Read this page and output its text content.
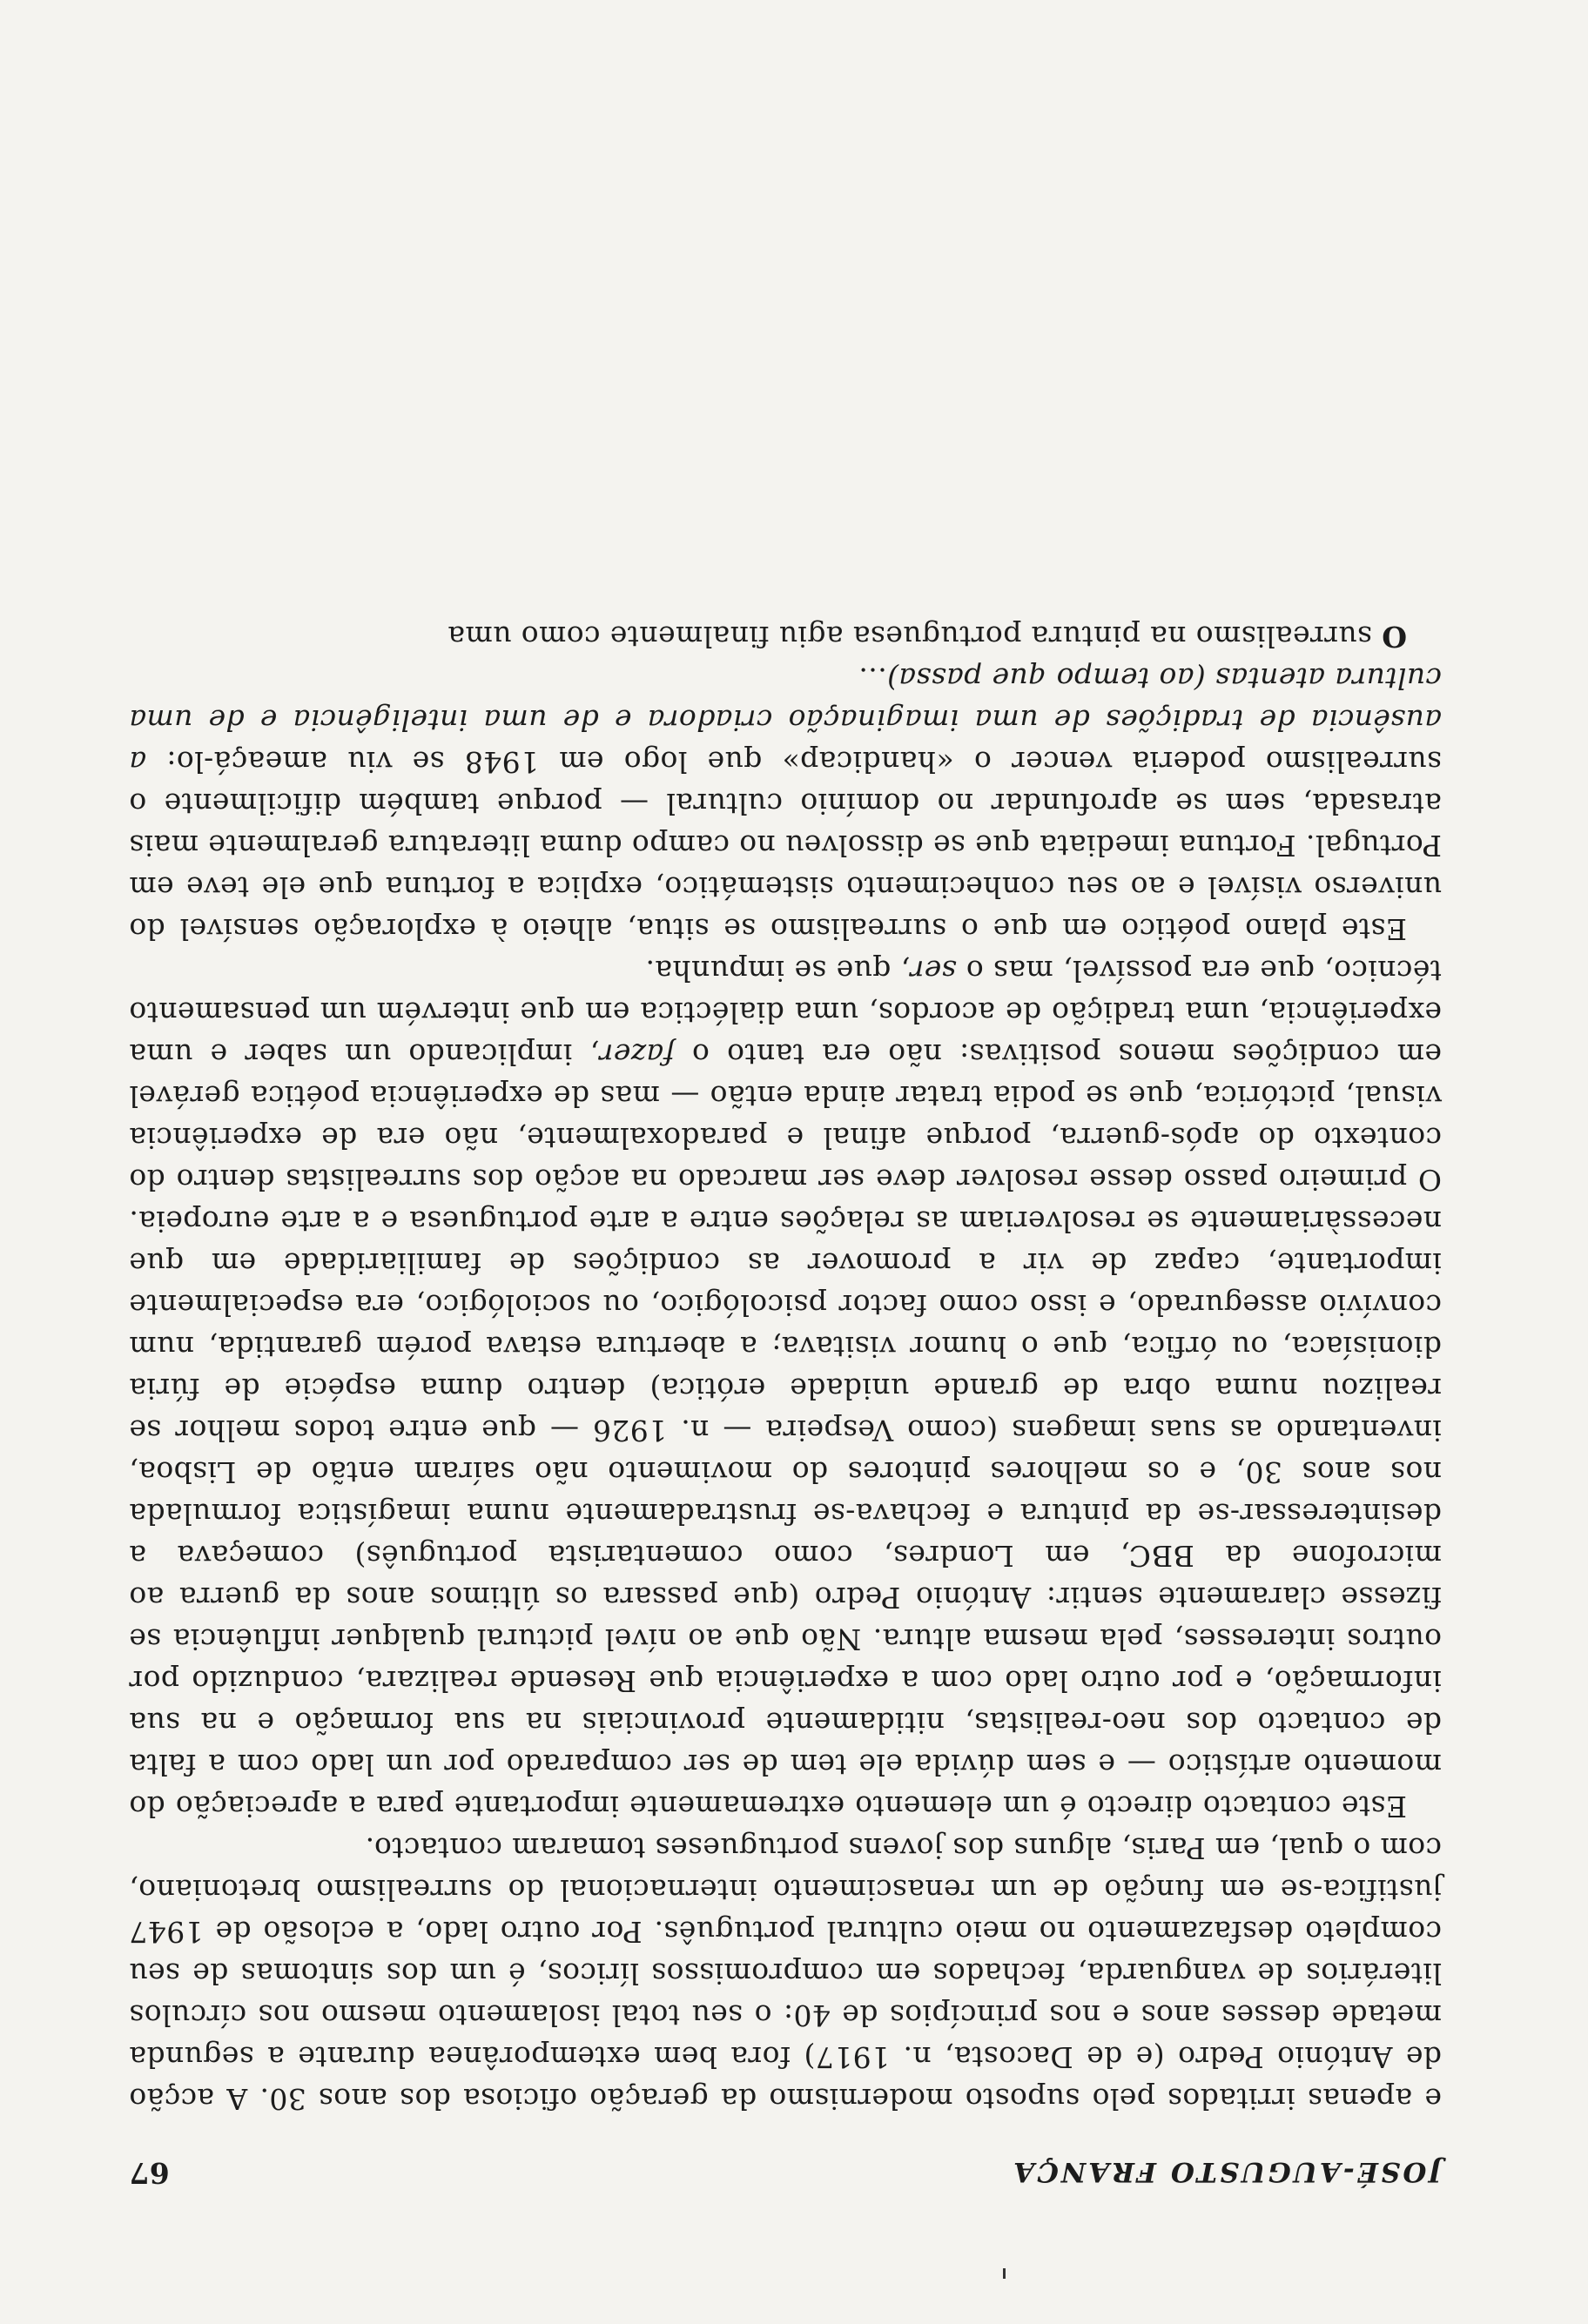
JOSÉ-AUGUSTO FRANÇA
67

e apenas irritados pelo suposto modernismo da geração oficiosa dos anos 30. A acção de António Pedro (e de Dacosta, n. 1917) fora bem extemporânea durante a segunda metade desses anos e nos princípios de 40: o seu total isolamento mesmo nos círculos literários de vanguarda, fechados em compromissos líricos, é um dos sintomas de seu completo desfazamento no meio cultural português. Por outro lado, a eclosão de 1947 justifica-se em função de um renascimento internacional do surrealismo bretoniano, com o qual, em Paris, alguns dos jovens portugueses tomaram contacto.

Este contacto directo é um elemento extremamente importante para a apreciação do momento artístico — e sem dúvida ele tem de ser comparado por um lado com a falta de contacto dos neo-realistas, nitidamente provinciais na sua formação e na sua informação, e por outro lado com a experiência que Resende realizara, conduzido por outros interesses, pela mesma altura. Não que ao nível pictural qualquer influência se fizesse claramente sentir: António Pedro (que passara os últimos anos da guerra ao microfone da BBC, em Londres, como comentarista português) começava a desinteressar-se da pintura e fechava-se frustradamente numa imagística formulada nos anos 30, e os melhores pintores do movimento não saíram então de Lisboa, inventando as suas imagens (como Vespeira — n. 1926 — que entre todos melhor se realizou numa obra de grande unidade erótica) dentro duma espécie de fúria dionisíaca, ou órfica, que o humor visitava; a abertura estava porém garantida, num convívio assegurado, e isso como factor psicológico, ou sociológico, era especialmente importante, capaz de vir a promover as condições de familiaridade em que necessàriamente se resolveriam as relações entre a arte portuguesa e a arte europeia. O primeiro passo desse resolver deve ser marcado na acção dos surrealistas dentro do contexto do após-guerra, porque afinal e paradoxalmente, não era de experiência visual, pictórica, que se podia tratar ainda então — mas de experiência poética gerável em condições menos positivas: não era tanto o fazer, implicando um saber e uma experiência, uma tradição de acordos, uma dialéctica em que intervém um pensamento técnico, que era possível, mas o ser, que se impunha.

Este plano poético em que o surrealismo se situa, alheio à exploração sensível do universo visível e ao seu conhecimento sistemático, explica a fortuna que ele teve em Portugal. Fortuna imediata que se dissolveu no campo duma literatura geralmente mais atrasada, sem se aprofundar no domínio cultural — porque também dificilmente o surrealismo poderia vencer o «handicap» que logo em 1948 se viu ameaçá-lo: a ausência de tradições de uma imaginação criadora e de uma inteligência e de uma cultura atentas (ao tempo que passa)...

O surrealismo na pintura portuguesa agiu finalmente como uma
